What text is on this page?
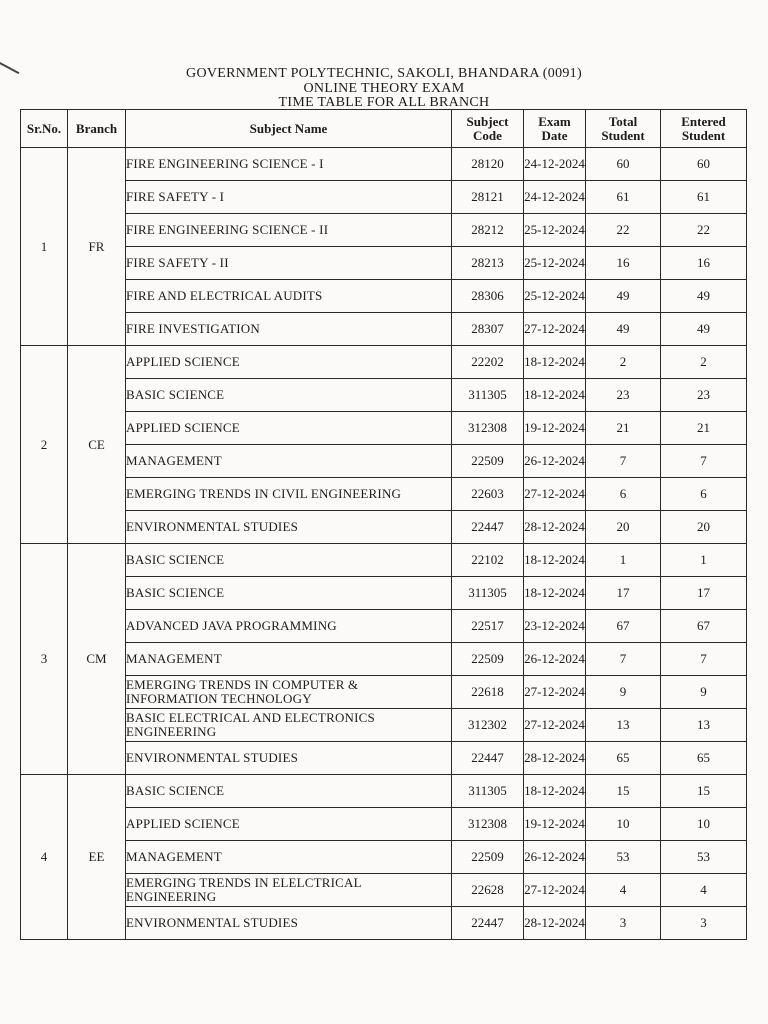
GOVERNMENT POLYTECHNIC, SAKOLI, BHANDARA (0091)
ONLINE THEORY EXAM
TIME TABLE FOR ALL BRANCH
Sr.No.	Branch	Subject Name	Subject Code	Exam Date	Total Student	Entered Student
1	FR	FIRE ENGINEERING SCIENCE - I	28120	24-12-2024	60	60
		FIRE SAFETY - I	28121	24-12-2024	61	61
		FIRE ENGINEERING SCIENCE - II	28212	25-12-2024	22	22
		FIRE SAFETY - II	28213	25-12-2024	16	16
		FIRE AND ELECTRICAL AUDITS	28306	25-12-2024	49	49
		FIRE INVESTIGATION	28307	27-12-2024	49	49
2	CE	APPLIED SCIENCE	22202	18-12-2024	2	2
		BASIC SCIENCE	311305	18-12-2024	23	23
		APPLIED SCIENCE	312308	19-12-2024	21	21
		MANAGEMENT	22509	26-12-2024	7	7
		EMERGING TRENDS IN CIVIL ENGINEERING	22603	27-12-2024	6	6
		ENVIRONMENTAL STUDIES	22447	28-12-2024	20	20
3	CM	BASIC SCIENCE	22102	18-12-2024	1	1
		BASIC SCIENCE	311305	18-12-2024	17	17
		ADVANCED JAVA PROGRAMMING	22517	23-12-2024	67	67
		MANAGEMENT	22509	26-12-2024	7	7
		EMERGING TRENDS IN COMPUTER & INFORMATION TECHNOLOGY	22618	27-12-2024	9	9
		BASIC ELECTRICAL AND ELECTRONICS ENGINEERING	312302	27-12-2024	13	13
		ENVIRONMENTAL STUDIES	22447	28-12-2024	65	65
4	EE	BASIC SCIENCE	311305	18-12-2024	15	15
		APPLIED SCIENCE	312308	19-12-2024	10	10
		MANAGEMENT	22509	26-12-2024	53	53
		EMERGING TRENDS IN ELELCTRICAL ENGINEERING	22628	27-12-2024	4	4
		ENVIRONMENTAL STUDIES	22447	28-12-2024	3	3
